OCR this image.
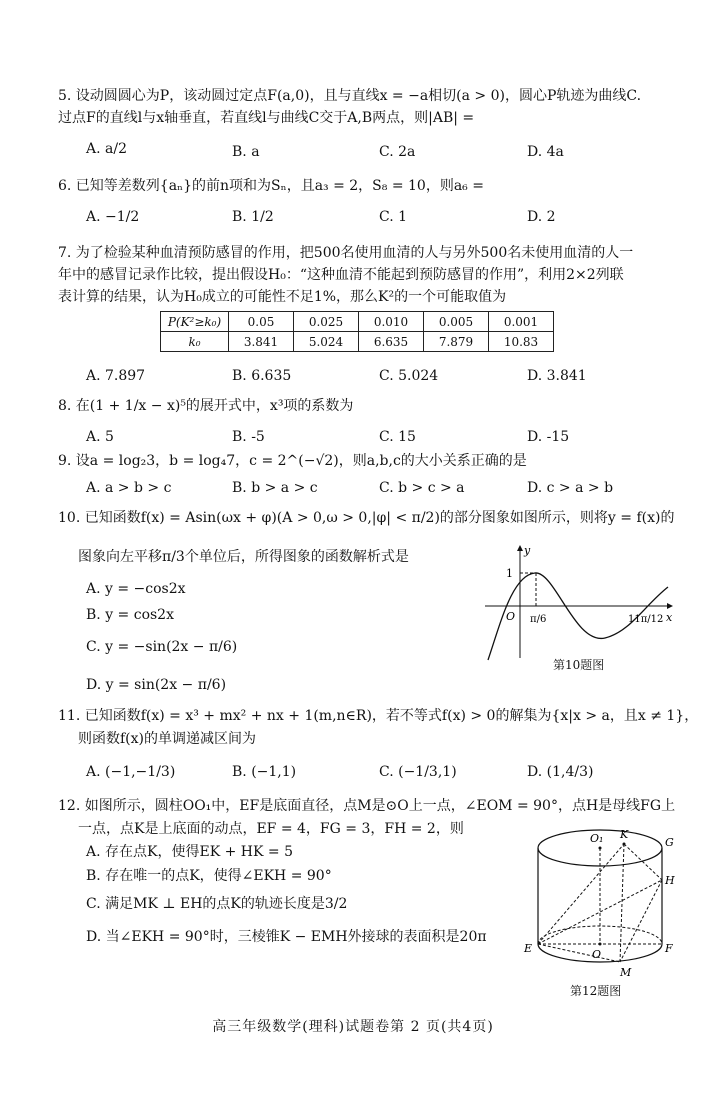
5. 设动圆圆心为P，该动圆过定点F(a,0)，且与直线x = −a相切(a > 0)，圆心P轨迹为曲线C.
过点F的直线l与x轴垂直，若直线l与曲线C交于A,B两点，则|AB| =
A. a/2	B. a	C. 2a	D. 4a
6. 已知等差数列{aₙ}的前n项和为Sₙ，且a₃ = 2，S₈ = 10，则a₆ =
A. −1/2	B. 1/2	C. 1	D. 2
7. 为了检验某种血清预防感冒的作用，把500名使用血清的人与另外500名未使用血清的人一
年中的感冒记录作比较，提出假设H₀：“这种血清不能起到预防感冒的作用”，利用2×2列联
表计算的结果，认为H₀成立的可能性不足1%，那么K²的一个可能取值为
P(K²≥k₀)	0.05	0.025	0.010	0.005	0.001
k₀	3.841	5.024	6.635	7.879	10.83
A. 7.897	B. 6.635	C. 5.024	D. 3.841
8. 在(1 + 1/x − x)⁵的展开式中，x³项的系数为
A. 5	B. -5	C. 15	D. -15
9. 设a = log₂3，b = log₄7，c = 2^(−√2)，则a,b,c的大小关系正确的是
A. a > b > c	B. b > a > c	C. b > c > a	D. c > a > b
10. 已知函数f(x) = Asin(ωx + φ)(A > 0,ω > 0,|φ| < π/2)的部分图象如图所示，则将y = f(x)的
图象向左平移π/3个单位后，所得图象的函数解析式是
A. y = −cos2x
B. y = cos2x
C. y = −sin(2x − π/6)
D. y = sin(2x − π/6)
y
x
O
1
π/6	11π/12
第10题图
11. 已知函数f(x) = x³ + mx² + nx + 1(m,n∈R)，若不等式f(x) > 0的解集为{x|x > a，且x ≠ 1}，
则函数f(x)的单调递减区间为
A. (−1,−1/3)	B. (−1,1)	C. (−1/3,1)	D. (1,4/3)
12. 如图所示，圆柱OO₁中，EF是底面直径，点M是⊙O上一点，∠EOM = 90°，点H是母线FG上
一点，点K是上底面的动点，EF = 4，FG = 3，FH = 2，则
A. 存在点K，使得EK + HK = 5
B. 存在唯一的点K，使得∠EKH = 90°
C. 满足MK ⊥ EH的点K的轨迹长度是3/2
D. 当∠EKH = 90°时，三棱锥K − EMH外接球的表面积是20π
O₁ K
G
H
E	O	F
M
第12题图
高三年级数学(理科)试题卷第 2 页(共4页)
